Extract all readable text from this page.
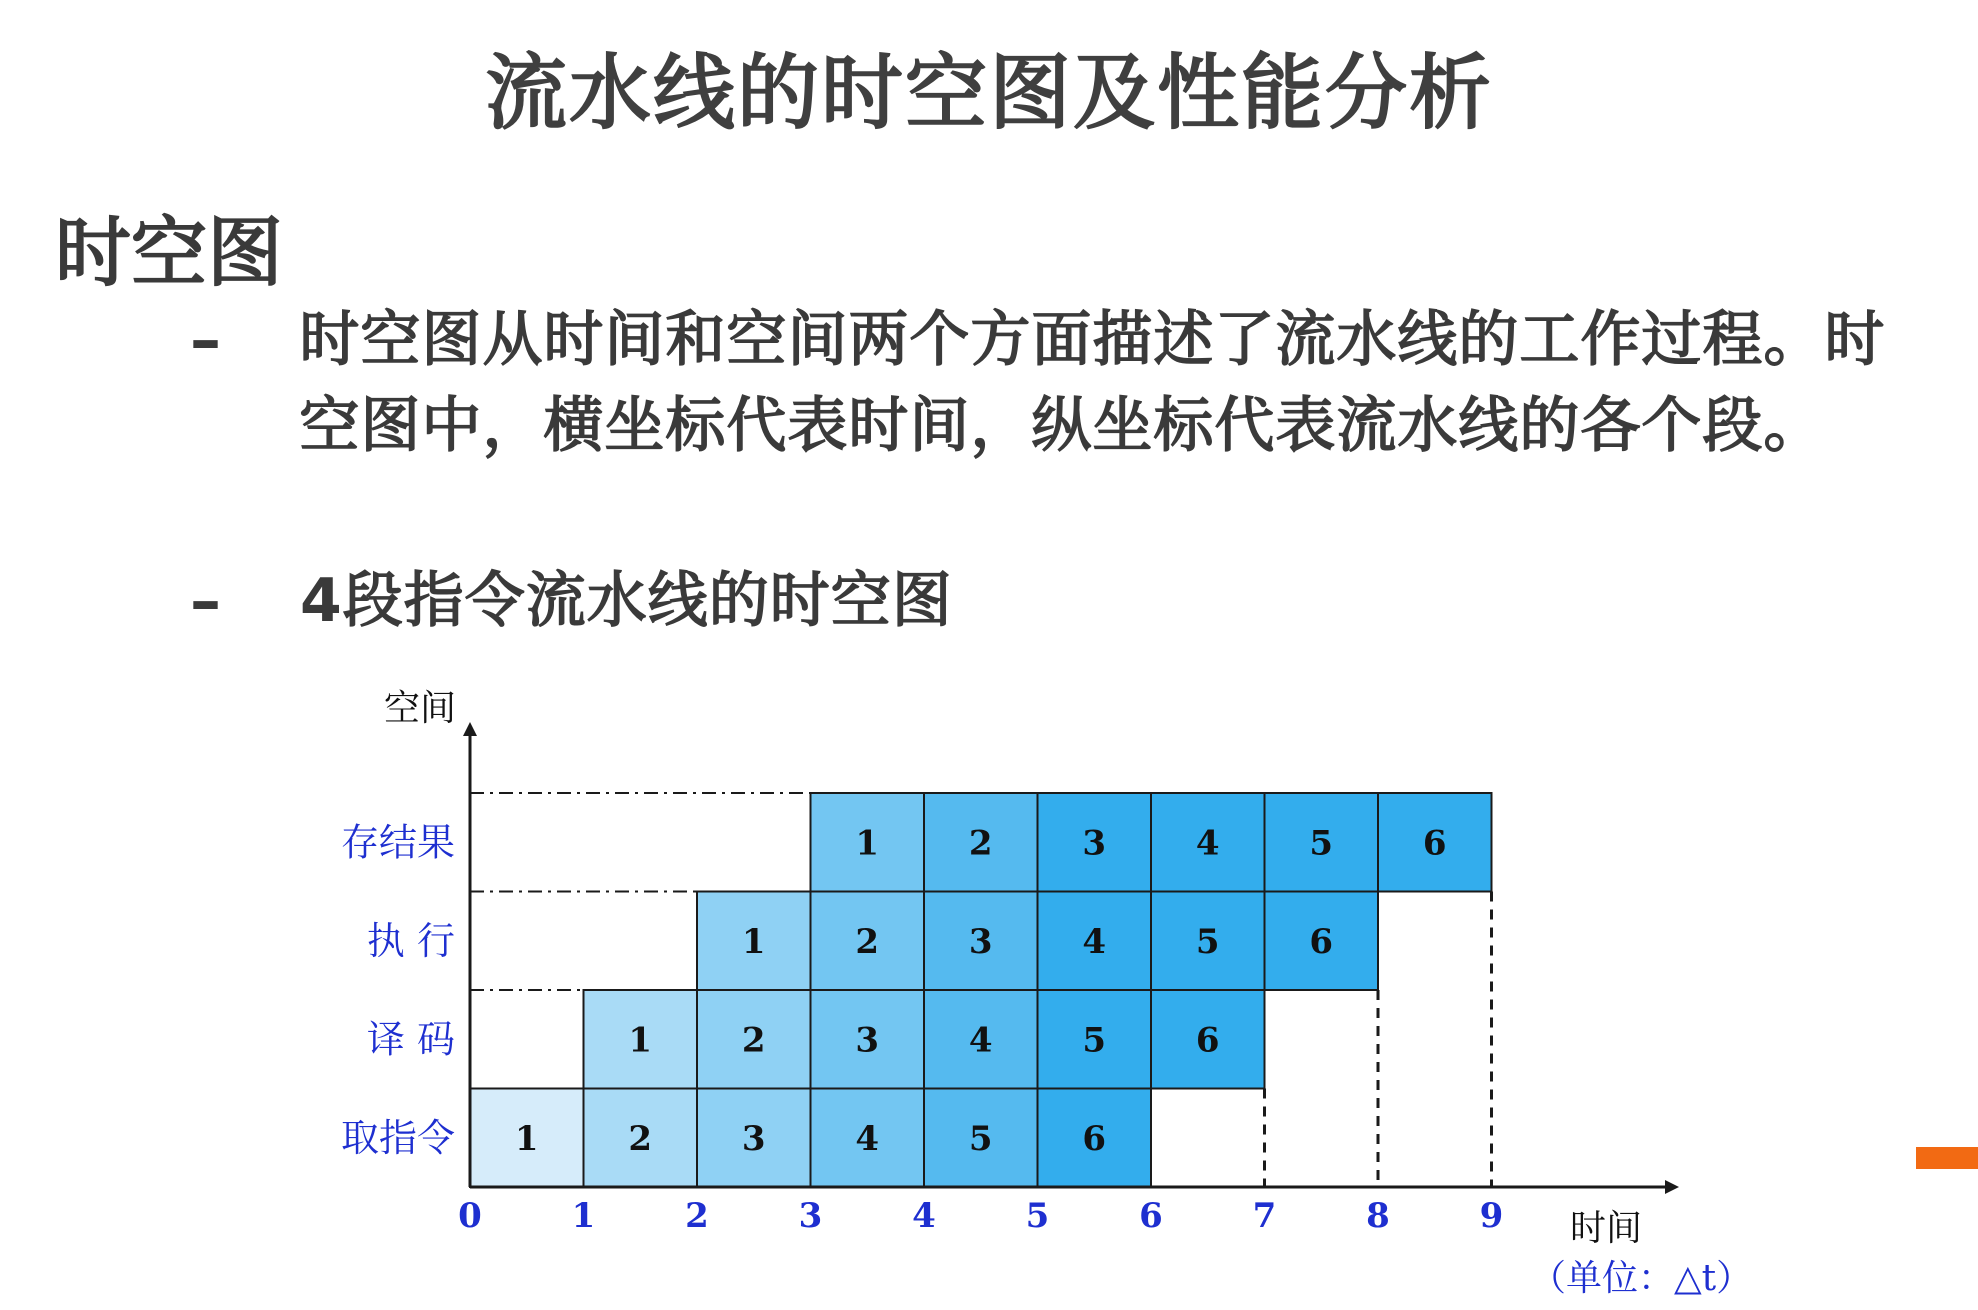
流水线的时空图及性能分析
时空图
–	时空图从时间和空间两个方面描述了流水线的工作过程。时空图中，横坐标代表时间，纵坐标代表流水线的各个段。
–	4段指令流水线的时空图
1	2	3	4	5	6
1	2	3	4	5	6
1	2	3	4	5	6
1	2	3	4	5	6
空间
时间
（单位：△t）
取指令
译 码
执 行
存结果
0	1	2	3	4	5	6	7	8	9
